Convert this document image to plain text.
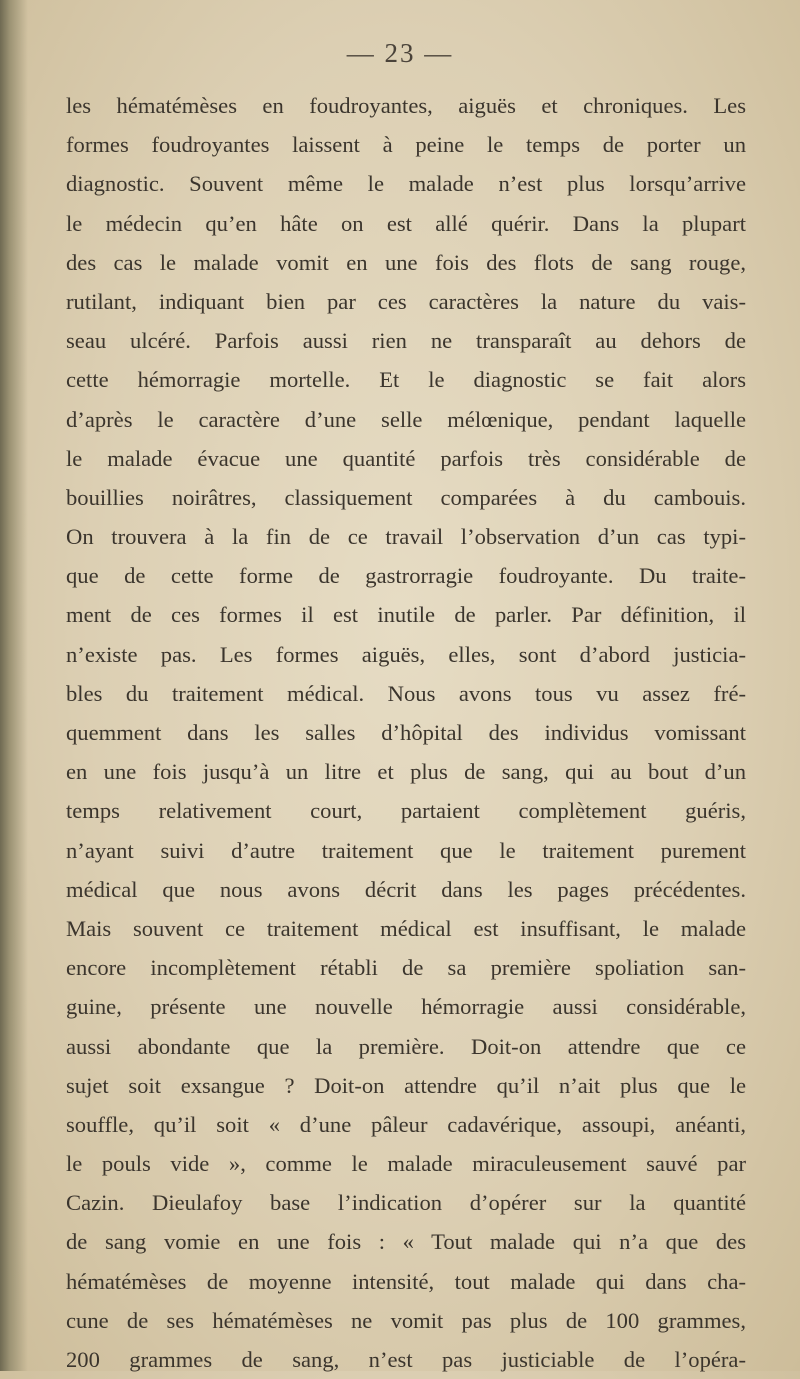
— 23 —
les hématémèses en foudroyantes, aiguës et chroniques. Les
formes foudroyantes laissent à peine le temps de porter un
diagnostic. Souvent même le malade n’est plus lorsqu’arrive
le médecin qu’en hâte on est allé quérir. Dans la plupart
des cas le malade vomit en une fois des flots de sang rouge,
rutilant, indiquant bien par ces caractères la nature du vais-
seau ulcéré. Parfois aussi rien ne transparaît au dehors de
cette hémorragie mortelle. Et le diagnostic se fait alors
d’après le caractère d’une selle mélœnique, pendant laquelle
le malade évacue une quantité parfois très considérable de
bouillies noirâtres, classiquement comparées à du cambouis.
On trouvera à la fin de ce travail l’observation d’un cas typi-
que de cette forme de gastrorragie foudroyante. Du traite-
ment de ces formes il est inutile de parler. Par définition, il
n’existe pas. Les formes aiguës, elles, sont d’abord justicia-
bles du traitement médical. Nous avons tous vu assez fré-
quemment dans les salles d’hôpital des individus vomissant
en une fois jusqu’à un litre et plus de sang, qui au bout d’un
temps relativement court, partaient complètement guéris,
n’ayant suivi d’autre traitement que le traitement purement
médical que nous avons décrit dans les pages précédentes.
Mais souvent ce traitement médical est insuffisant, le malade
encore incomplètement rétabli de sa première spoliation san-
guine, présente une nouvelle hémorragie aussi considérable,
aussi abondante que la première. Doit-on attendre que ce
sujet soit exsangue ? Doit-on attendre qu’il n’ait plus que le
souffle, qu’il soit « d’une pâleur cadavérique, assoupi, anéanti,
le pouls vide », comme le malade miraculeusement sauvé par
Cazin. Dieulafoy base l’indication d’opérer sur la quantité
de sang vomie en une fois : « Tout malade qui n’a que des
hématémèses de moyenne intensité, tout malade qui dans cha-
cune de ses hématémèses ne vomit pas plus de 100 grammes,
200 grammes de sang, n’est pas justiciable de l’opéra-
